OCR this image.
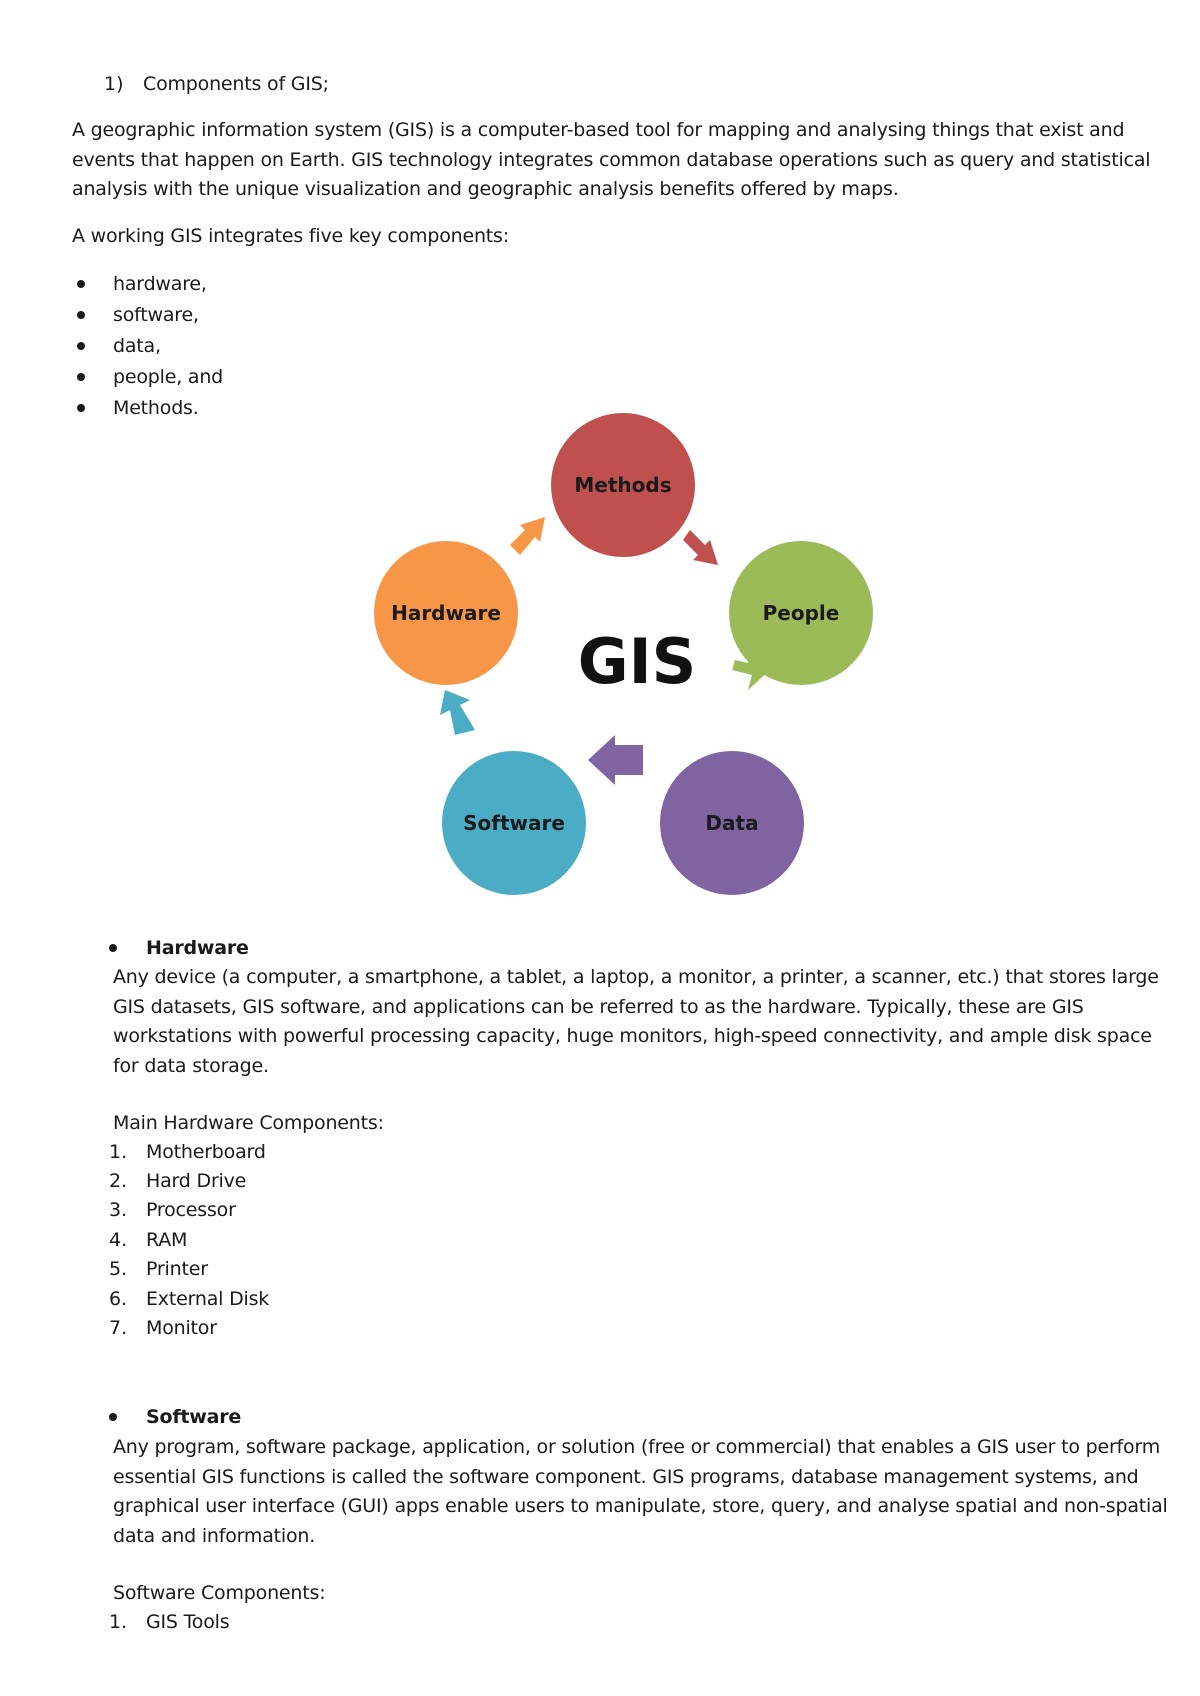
1) Components of GIS;
A geographic information system (GIS) is a computer-based tool for mapping and analysing things that exist and
events that happen on Earth. GIS technology integrates common database operations such as query and statistical
analysis with the unique visualization and geographic analysis benefits offered by maps.
A working GIS integrates five key components:
hardware,
software,
data,
people, and
Methods.
Methods
People
Data
Software
Hardware
GIS
Hardware
Any device (a computer, a smartphone, a tablet, a laptop, a monitor, a printer, a scanner, etc.) that stores large
GIS datasets, GIS software, and applications can be referred to as the hardware. Typically, these are GIS
workstations with powerful processing capacity, huge monitors, high-speed connectivity, and ample disk space
for data storage.
Main Hardware Components:
1. Motherboard
2. Hard Drive
3. Processor
4. RAM
5. Printer
6. External Disk
7. Monitor
Software
Any program, software package, application, or solution (free or commercial) that enables a GIS user to perform
essential GIS functions is called the software component. GIS programs, database management systems, and
graphical user interface (GUI) apps enable users to manipulate, store, query, and analyse spatial and non-spatial
data and information.
Software Components:
1. GIS Tools
